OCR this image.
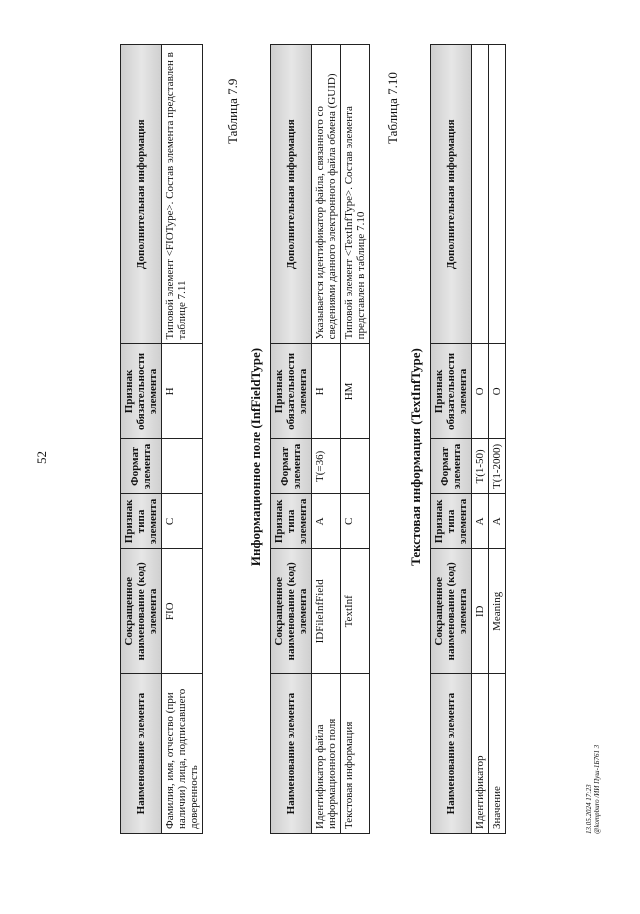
52
Наименование элемента	Сокращенное наименование (код) элемента	Признак типа элемента	Формат элемента	Признак обязательности элемента	Дополнительная информация
Фамилия, имя, отчество (при наличии) лица, подписавшего доверенность	FIO	С		Н	Типовой элемент <FIOType>. Состав элемента представлен в таблице 7.11
Таблица 7.9
Информационное поле (InfFieldType)
Наименование элемента	Сокращенное наименование (код) элемента	Признак типа элемента	Формат элемента	Признак обязательности элемента	Дополнительная информация
Идентификатор файла информационного поля	IDFileInfField	А	T(=36)	Н	Указывается идентификатор файла, связанного со сведениями данного электронного файла обмена (GUID)
Текстовая информация	TextInf	С		НМ	Типовой элемент <TextInfType>. Состав элемента представлен в таблице 7.10
Таблица 7.10
Текстовая информация (TextInfType)
Наименование элемента	Сокращенное наименование (код) элемента	Признак типа элемента	Формат элемента	Признак обязательности элемента	Дополнительная информация
Идентификатор	ID	А	T(1-50)	О	
Значение	Meaning	А	T(1-2000)	О	
13.05.2024 17:23 @kompburo /ИИ Пуш-1Б761 3
